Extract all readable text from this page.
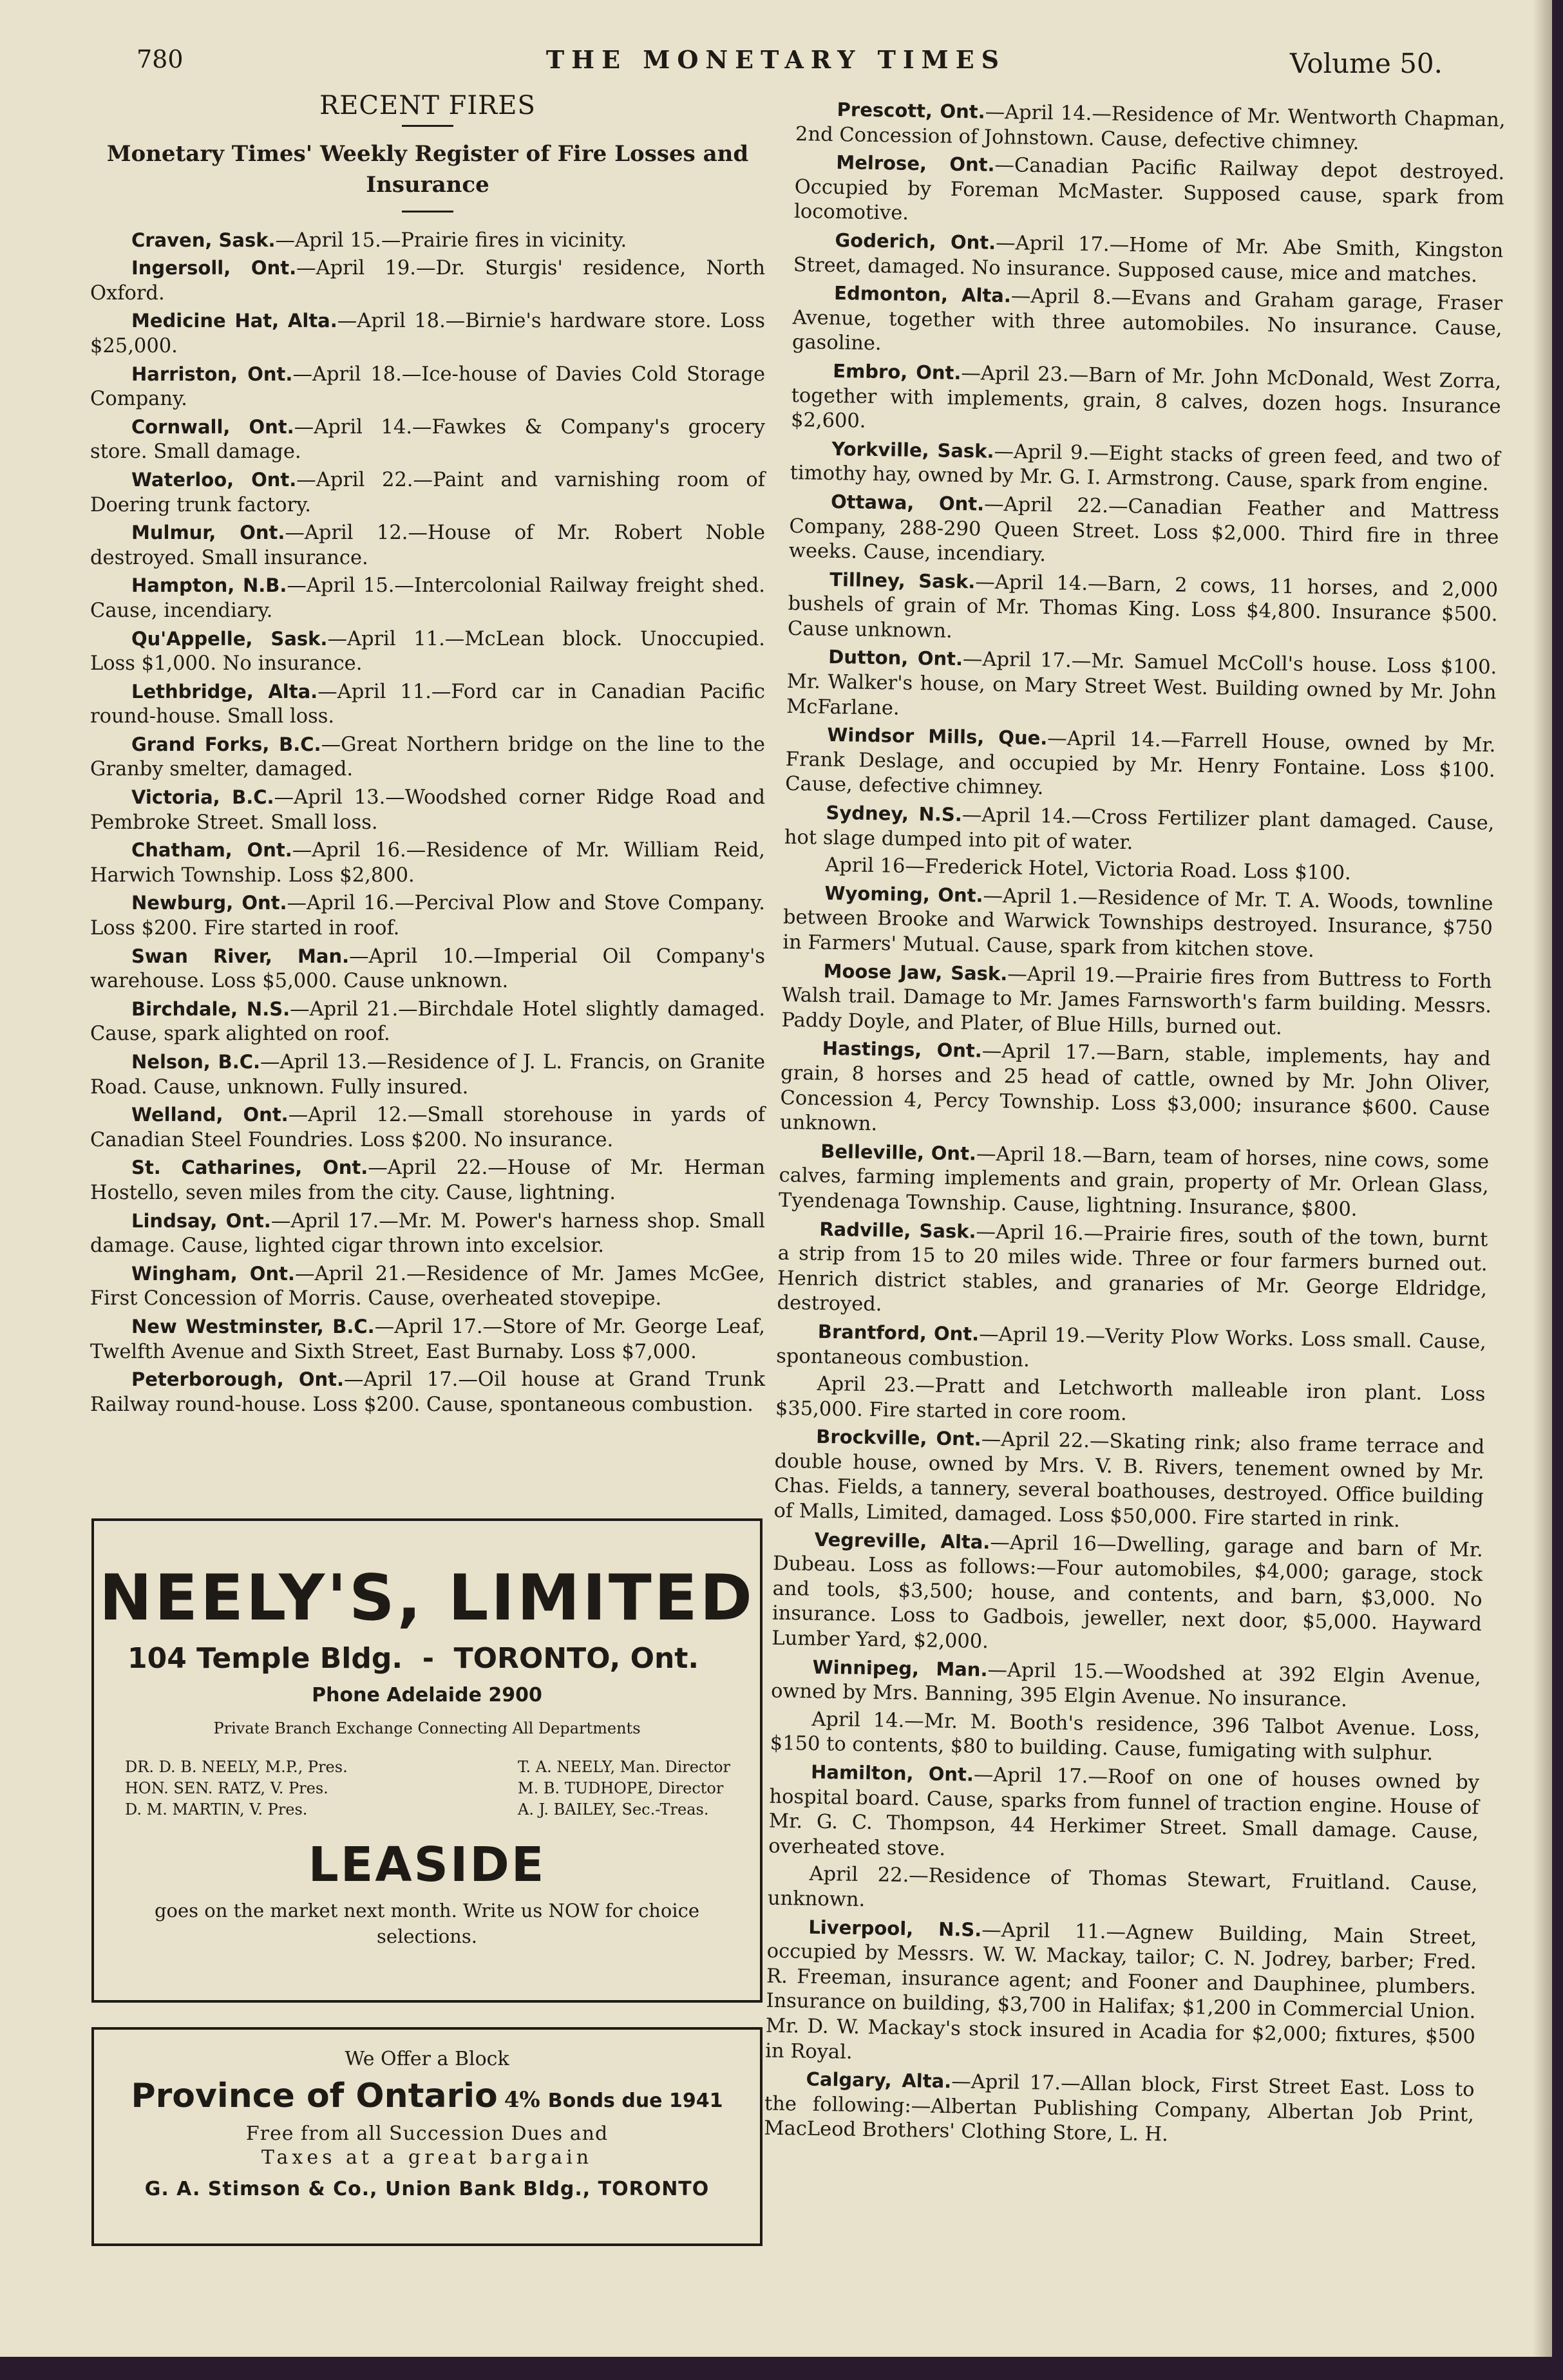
780	THE MONETARY TIMES	Volume 50.
RECENT FIRES
Monetary Times' Weekly Register of Fire Losses and Insurance
Craven, Sask.—April 15.—Prairie fires in vicinity.
Ingersoll, Ont.—April 19.—Dr. Sturgis' residence, North Oxford.
Medicine Hat, Alta.—April 18.—Birnie's hardware store. Loss $25,000.
Harriston, Ont.—April 18.—Ice-house of Davies Cold Storage Company.
Cornwall, Ont.—April 14.—Fawkes & Company's grocery store. Small damage.
Waterloo, Ont.—April 22.—Paint and varnishing room of Doering trunk factory.
Mulmur, Ont.—April 12.—House of Mr. Robert Noble destroyed. Small insurance.
Hampton, N.B.—April 15.—Intercolonial Railway freight shed. Cause, incendiary.
Qu'Appelle, Sask.—April 11.—McLean block. Unoccupied. Loss $1,000. No insurance.
Lethbridge, Alta.—April 11.—Ford car in Canadian Pacific round-house. Small loss.
Grand Forks, B.C.—Great Northern bridge on the line to the Granby smelter, damaged.
Victoria, B.C.—April 13.—Woodshed corner Ridge Road and Pembroke Street. Small loss.
Chatham, Ont.—April 16.—Residence of Mr. William Reid, Harwich Township. Loss $2,800.
Newburg, Ont.—April 16.—Percival Plow and Stove Company. Loss $200. Fire started in roof.
Swan River, Man.—April 10.—Imperial Oil Company's warehouse. Loss $5,000. Cause unknown.
Birchdale, N.S.—April 21.—Birchdale Hotel slightly damaged. Cause, spark alighted on roof.
Nelson, B.C.—April 13.—Residence of J. L. Francis, on Granite Road. Cause, unknown. Fully insured.
Welland, Ont.—April 12.—Small storehouse in yards of Canadian Steel Foundries. Loss $200. No insurance.
St. Catharines, Ont.—April 22.—House of Mr. Herman Hostello, seven miles from the city. Cause, lightning.
Lindsay, Ont.—April 17.—Mr. M. Power's harness shop. Small damage. Cause, lighted cigar thrown into excelsior.
Wingham, Ont.—April 21.—Residence of Mr. James McGee, First Concession of Morris. Cause, overheated stovepipe.
New Westminster, B.C.—April 17.—Store of Mr. George Leaf, Twelfth Avenue and Sixth Street, East Burnaby. Loss $7,000.
Peterborough, Ont.—April 17.—Oil house at Grand Trunk Railway round-house. Loss $200. Cause, spontaneous combustion.
Prescott, Ont.—April 14.—Residence of Mr. Wentworth Chapman, 2nd Concession of Johnstown. Cause, defective chimney.
Melrose, Ont.—Canadian Pacific Railway depot destroyed. Occupied by Foreman McMaster. Supposed cause, spark from locomotive.
Goderich, Ont.—April 17.—Home of Mr. Abe Smith, Kingston Street, damaged. No insurance. Supposed cause, mice and matches.
Edmonton, Alta.—April 8.—Evans and Graham garage, Fraser Avenue, together with three automobiles. No insurance. Cause, gasoline.
Embro, Ont.—April 23.—Barn of Mr. John McDonald, West Zorra, together with implements, grain, 8 calves, dozen hogs. Insurance $2,600.
Yorkville, Sask.—April 9.—Eight stacks of green feed, and two of timothy hay, owned by Mr. G. I. Armstrong. Cause, spark from engine.
Ottawa, Ont.—April 22.—Canadian Feather and Mattress Company, 288-290 Queen Street. Loss $2,000. Third fire in three weeks. Cause, incendiary.
Tillney, Sask.—April 14.—Barn, 2 cows, 11 horses, and 2,000 bushels of grain of Mr. Thomas King. Loss $4,800. Insurance $500. Cause unknown.
Dutton, Ont.—April 17.—Mr. Samuel McColl's house. Loss $100. Mr. Walker's house, on Mary Street West. Building owned by Mr. John McFarlane.
Windsor Mills, Que.—April 14.—Farrell House, owned by Mr. Frank Deslage, and occupied by Mr. Henry Fontaine. Loss $100. Cause, defective chimney.
Sydney, N.S.—April 14.—Cross Fertilizer plant damaged. Cause, hot slage dumped into pit of water.
April 16—Frederick Hotel, Victoria Road. Loss $100.
Wyoming, Ont.—April 1.—Residence of Mr. T. A. Woods, townline between Brooke and Warwick Townships destroyed. Insurance, $750 in Farmers' Mutual. Cause, spark from kitchen stove.
Moose Jaw, Sask.—April 19.—Prairie fires from Buttress to Forth Walsh trail. Damage to Mr. James Farnsworth's farm building. Messrs. Paddy Doyle, and Plater, of Blue Hills, burned out.
Hastings, Ont.—April 17.—Barn, stable, implements, hay and grain, 8 horses and 25 head of cattle, owned by Mr. John Oliver, Concession 4, Percy Township. Loss $3,000; insurance $600. Cause unknown.
Belleville, Ont.—April 18.—Barn, team of horses, nine cows, some calves, farming implements and grain, property of Mr. Orlean Glass, Tyendenaga Township. Cause, lightning. Insurance, $800.
Radville, Sask.—April 16.—Prairie fires, south of the town, burnt a strip from 15 to 20 miles wide. Three or four farmers burned out. Henrich district stables, and granaries of Mr. George Eldridge, destroyed.
Brantford, Ont.—April 19.—Verity Plow Works. Loss small. Cause, spontaneous combustion.
April 23.—Pratt and Letchworth malleable iron plant. Loss $35,000. Fire started in core room.
Brockville, Ont.—April 22.—Skating rink; also frame terrace and double house, owned by Mrs. V. B. Rivers, tenement owned by Mr. Chas. Fields, a tannery, several boathouses, destroyed. Office building of Malls, Limited, damaged. Loss $50,000. Fire started in rink.
Vegreville, Alta.—April 16—Dwelling, garage and barn of Mr. Dubeau. Loss as follows:—Four automobiles, $4,000; garage, stock and tools, $3,500; house, and contents, and barn, $3,000. No insurance. Loss to Gadbois, jeweller, next door, $5,000. Hayward Lumber Yard, $2,000.
Winnipeg, Man.—April 15.—Woodshed at 392 Elgin Avenue, owned by Mrs. Banning, 395 Elgin Avenue. No insurance.
April 14.—Mr. M. Booth's residence, 396 Talbot Avenue. Loss, $150 to contents, $80 to building. Cause, fumigating with sulphur.
Hamilton, Ont.—April 17.—Roof on one of houses owned by hospital board. Cause, sparks from funnel of traction engine. House of Mr. G. C. Thompson, 44 Herkimer Street. Small damage. Cause, overheated stove.
April 22.—Residence of Thomas Stewart, Fruitland. Cause, unknown.
Liverpool, N.S.—April 11.—Agnew Building, Main Street, occupied by Messrs. W. W. Mackay, tailor; C. N. Jodrey, barber; Fred. R. Freeman, insurance agent; and Fooner and Dauphinee, plumbers. Insurance on building, $3,700 in Halifax; $1,200 in Commercial Union. Mr. D. W. Mackay's stock insured in Acadia for $2,000; fixtures, $500 in Royal.
Calgary, Alta.—April 17.—Allan block, First Street East. Loss to the following:—Albertan Publishing Company, Albertan Job Print, MacLeod Brothers' Clothing Store, L. H.
NEELY'S, LIMITED
104 Temple Bldg.  -  TORONTO, Ont.
Phone Adelaide 2900
Private Branch Exchange Connecting All Departments
DR. D. B. NEELY, M.P., Pres.
HON. SEN. RATZ, V. Pres.
D. M. MARTIN, V. Pres.
T. A. NEELY, Man. Director
M. B. TUDHOPE, Director
A. J. BAILEY, Sec.-Treas.
LEASIDE
goes on the market next month. Write us NOW for choice selections.
We Offer a Block
Province of Ontario 4% Bonds due 1941
Free from all Succession Dues and
Taxes at a great bargain
G. A. Stimson & Co., Union Bank Bldg., TORONTO
